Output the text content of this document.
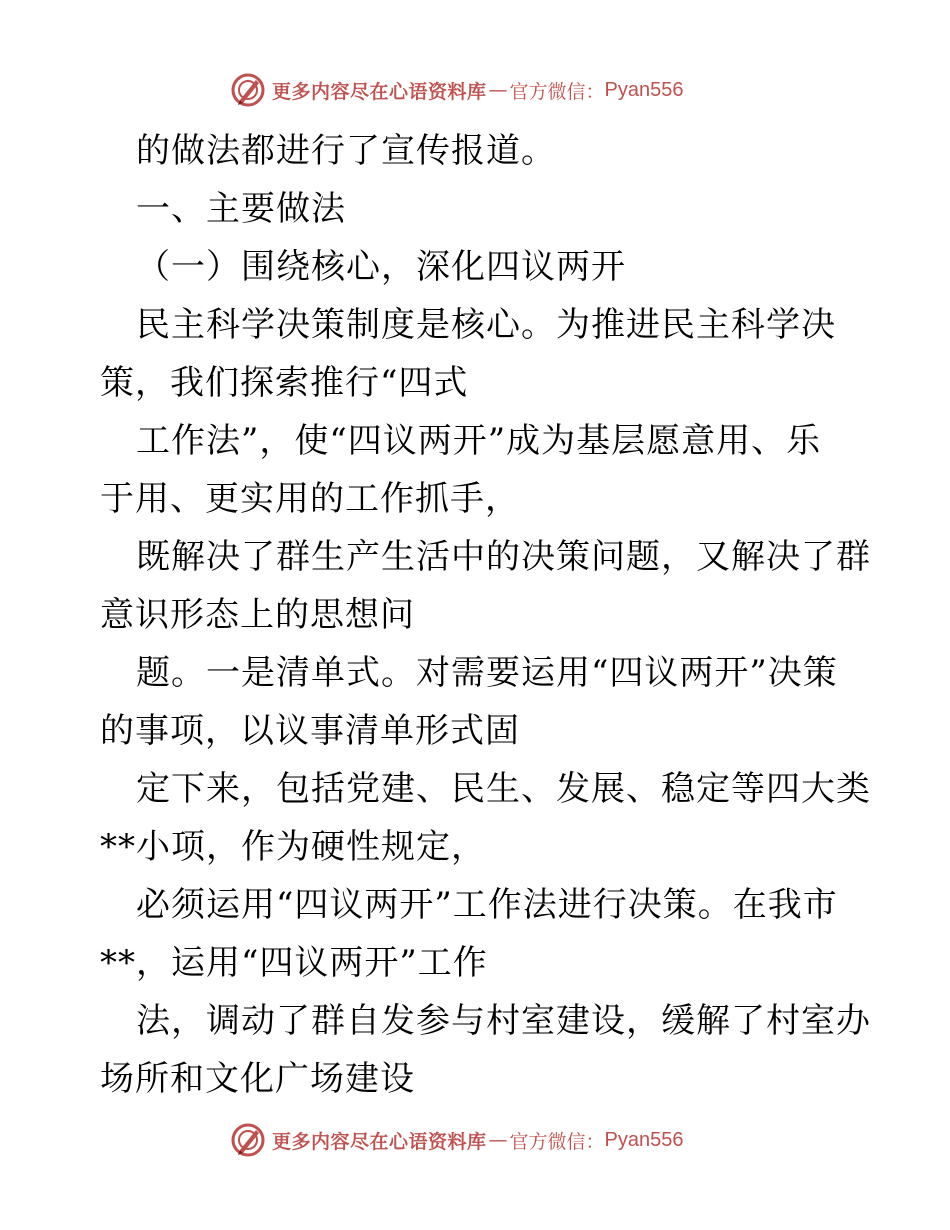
更多内容尽在心语资料库 — 官方微信： Pyan556
的做法都进行了宣传报道。
一、主要做法
（一）围绕核心，深化四议两开
民主科学决策制度是核心。为推进民主科学决
策，我们探索推行“四式
工作法”，使“四议两开”成为基层愿意用、乐
于用、更实用的工作抓手，
既解决了群生产生活中的决策问题，又解决了群
意识形态上的思想问
题。一是清单式。对需要运用“四议两开”决策
的事项，以议事清单形式固
定下来，包括党建、民生、发展、稳定等四大类
**小项，作为硬性规定，
必须运用“四议两开”工作法进行决策。在我市
**，运用“四议两开”工作
法，调动了群自发参与村室建设，缓解了村室办
场所和文化广场建设
更多内容尽在心语资料库 — 官方微信： Pyan556
